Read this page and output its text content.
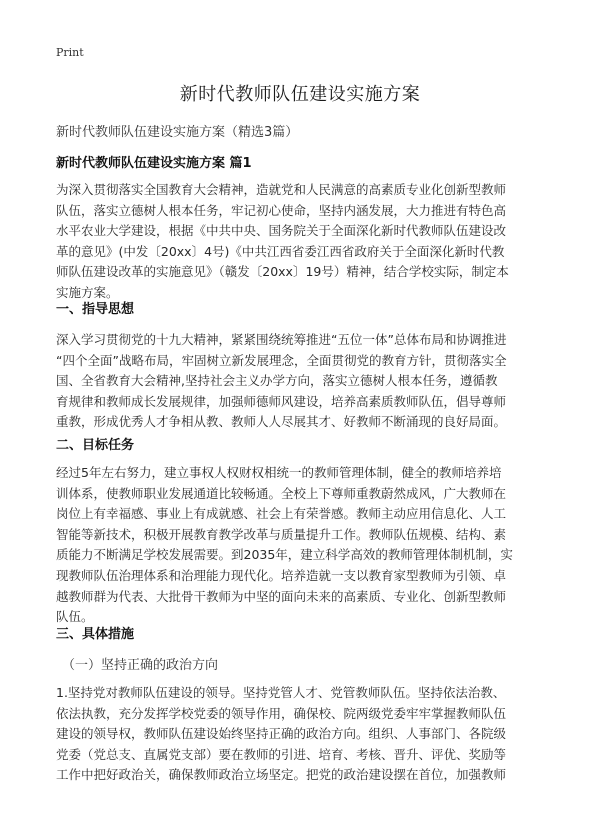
Print
新时代教师队伍建设实施方案
新时代教师队伍建设实施方案（精选3篇）
新时代教师队伍建设实施方案 篇1

为深入贯彻落实全国教育大会精神，造就党和人民满意的高素质专业化创新型教师
队伍，落实立德树人根本任务，牢记初心使命，坚持内涵发展，大力推进有特色高
水平农业大学建设，根据《中共中央、国务院关于全面深化新时代教师队伍建设改
革的意见》(中发〔20xx〕4号)《中共江西省委江西省政府关于全面深化新时代教
师队伍建设改革的实施意见》（赣发〔20xx〕19号）精神，结合学校实际，制定本
实施方案。

一、指导思想

深入学习贯彻党的十九大精神，紧紧围绕统筹推进“五位一体”总体布局和协调推进
“四个全面”战略布局，牢固树立新发展理念，全面贯彻党的教育方针，贯彻落实全
国、全省教育大会精神,坚持社会主义办学方向，落实立德树人根本任务，遵循教
育规律和教师成长发展规律，加强师德师风建设，培养高素质教师队伍，倡导尊师
重教，形成优秀人才争相从教、教师人人尽展其才、好教师不断涌现的良好局面。

二、目标任务

经过5年左右努力，建立事权人权财权相统一的教师管理体制，健全的教师培养培
训体系，使教师职业发展通道比较畅通。全校上下尊师重教蔚然成风，广大教师在
岗位上有幸福感、事业上有成就感、社会上有荣誉感。教师主动应用信息化、人工
智能等新技术，积极开展教育教学改革与质量提升工作。教师队伍规模、结构、素
质能力不断满足学校发展需要。到2035年，建立科学高效的教师管理体制机制，实
现教师队伍治理体系和治理能力现代化。培养造就一支以教育家型教师为引领、卓
越教师群为代表、大批骨干教师为中坚的面向未来的高素质、专业化、创新型教师
队伍。

三、具体措施
（一）坚持正确的政治方向

1.坚持党对教师队伍建设的领导。坚持党管人才、党管教师队伍。坚持依法治教、
依法执教，充分发挥学校党委的领导作用，确保校、院两级党委牢牢掌握教师队伍
建设的领导权，教师队伍建设始终坚持正确的政治方向。组织、人事部门、各院级
党委（党总支、直属党支部）要在教师的引进、培育、考核、晋升、评优、奖励等
工作中把好政治关，确保教师政治立场坚定。把党的政治建设摆在首位，加强教师
